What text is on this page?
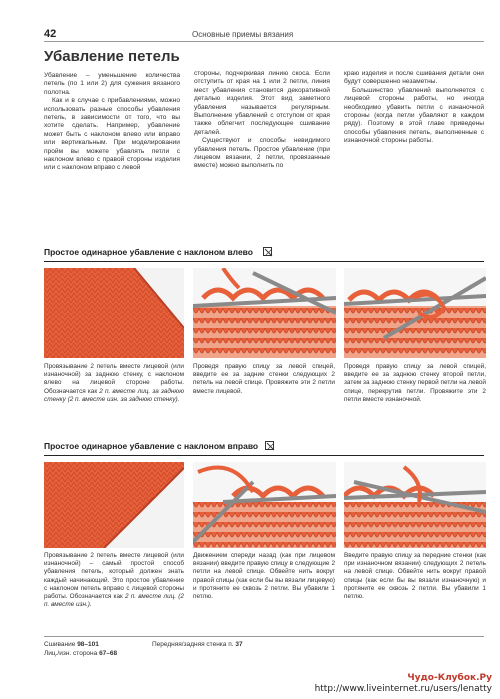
42	Основные приемы вязания
Убавление петель

Убавление – уменьшение количества петель (по 1 или 2) для сужения вязаного полотна.

Как и в случае с прибавлениями, можно использовать разные способы убавления петель, в зависимости от того, что вы хотите сделать. Например, убавление может быть с наклоном влево или вправо или вертикальным. При моделировании пройм вы можете убавлять петли с наклоном влево с правой стороны изделия или с наклоном вправо с левой

стороны, подчеркивая линию скоса. Если отступить от края на 1 или 2 петли, линия мест убавления становится декоративной деталью изделия. Этот вид заметного убавления называется регулярным. Выполнение убавлений с отступом от края также облегчит последующее сшивание деталей.

Существуют и способы невидимого убавления петель. Простое убавление (при лицевом вязании, 2 петли, провязанные вместе) можно выполнить по

краю изделия и после сшивания детали они будут совершенно незаметны.

Большинство убавлений выполняется с лицевой стороны работы, но иногда необходимо убавить петли с изнаночной стороны (когда петли убавляют в каждом ряду). Поэтому в этой главе приведены способы убавления петель, выполненные с изнаночной стороны работы.

Простое одинарное убавление с наклоном влево
Провязывание 2 петель вместе лицевой (или изнаночной) за заднюю стенку, с наклоном влево на лицевой стороне работы. Обозначается как 2 п. вместе лиц. за заднюю стенку (2 п. вместе изн. за заднюю стенку).
Проведя правую спицу за левой спицей, введите ее за задние стенки следующих 2 петель на левой спице. Провяжите эти 2 петли вместе лицевой.
Проведя правую спицу за левой спицей, введите ее за заднюю стенку второй петли, затем за заднюю стенку первой петли на левой спице, перекрутив петли. Провяжите эти 2 петли вместе изнаночной.
Простое одинарное убавление с наклоном вправо
Провязывание 2 петель вместе лицевой (или изнаночной) – самый простой способ убавления петель, который должен знать каждый начинающий. Это простое убавление с наклоном петель вправо с лицевой стороны работы. Обозначается как 2 п. вместе лиц. (2 п. вместе изн.).
Движением спереди назад (как при лицевом вязании) введите правую спицу в следующие 2 петли на левой спице. Обвейте нить вокруг правой спицы (как если бы вы вязали лицевую) и протяните ее сквозь 2 петли. Вы убавили 1 петлю.
Введите правую спицу за передние стенки (как при изнаночном вязании) следующих 2 петель на левой спице. Обвейте нить вокруг правой спицы (как если бы вы вязали изнаночную) и протяните ее сквозь 2 петли. Вы убавили 1 петлю.
Сшивание 98–101
Лиц./изн. сторона 67–68
Передняя/задняя стенка п. 37
http://www.liveinternet.ru/users/lenatty
Чудо-Клубок.Ру
